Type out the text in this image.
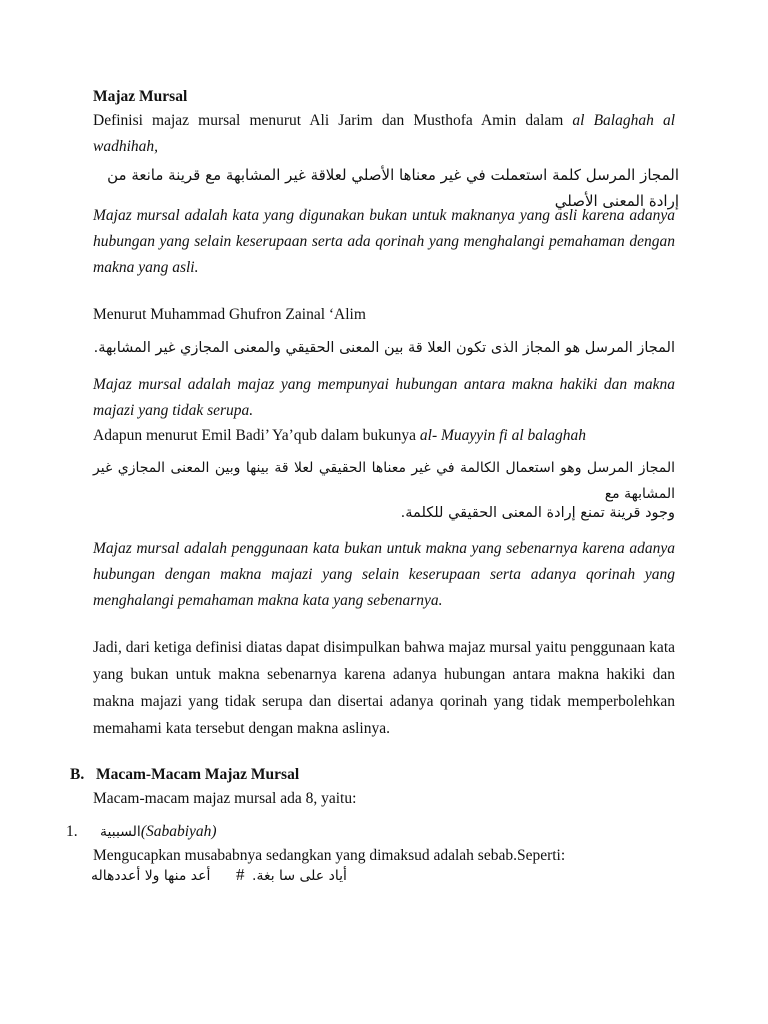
Majaz Mursal
Definisi majaz mursal menurut Ali Jarim dan Musthofa Amin dalam al Balaghah al wadhihah,
المجاز المرسل كلمة استعملت في غير معناها الأصلي لعلاقة غير المشابهة مع قرينة مانعة من إرادة المعنى الأصلي
Majaz mursal adalah kata yang digunakan bukan untuk maknanya yang asli karena adanya hubungan yang selain keserupaan serta ada qorinah yang menghalangi pemahaman dengan makna yang asli.
Menurut Muhammad Ghufron Zainal ‘Alim
المجاز المرسل هو المجاز الذى تكون العلا قة بين المعنى الحقيقي والمعنى المجازي غير المشابهة.
Majaz mursal adalah majaz yang mempunyai hubungan antara makna hakiki dan makna majazi yang tidak serupa.
Adapun menurut Emil Badi’ Ya’qub dalam bukunya al- Muayyin fi al balaghah
المجاز المرسل وهو استعمال الكالمة في غير معناها الحقيقي لعلا قة بينها وبين المعنى المجازي غير المشابهة مع
وجود قرينة تمنع إرادة المعنى الحقيقي للكلمة.
Majaz mursal adalah penggunaan kata bukan untuk makna yang sebenarnya karena adanya hubungan dengan makna majazi yang selain keserupaan serta adanya qorinah yang menghalangi pemahaman makna kata yang sebenarnya.
Jadi, dari ketiga definisi diatas dapat disimpulkan bahwa majaz mursal yaitu penggunaan kata yang bukan untuk makna sebenarnya karena adanya hubungan antara makna hakiki dan makna majazi yang tidak serupa dan disertai adanya qorinah yang tidak memperbolehkan memahami kata tersebut dengan makna aslinya.
B. Macam-Macam Majaz Mursal
Macam-macam majaz mursal ada 8, yaitu:
1. السببية(Sababiyah)
Mengucapkan musababnya sedangkan yang dimaksud adalah sebab.Seperti:
أياد على سا بغة.
#
أعد منها ولا أعددهاله
